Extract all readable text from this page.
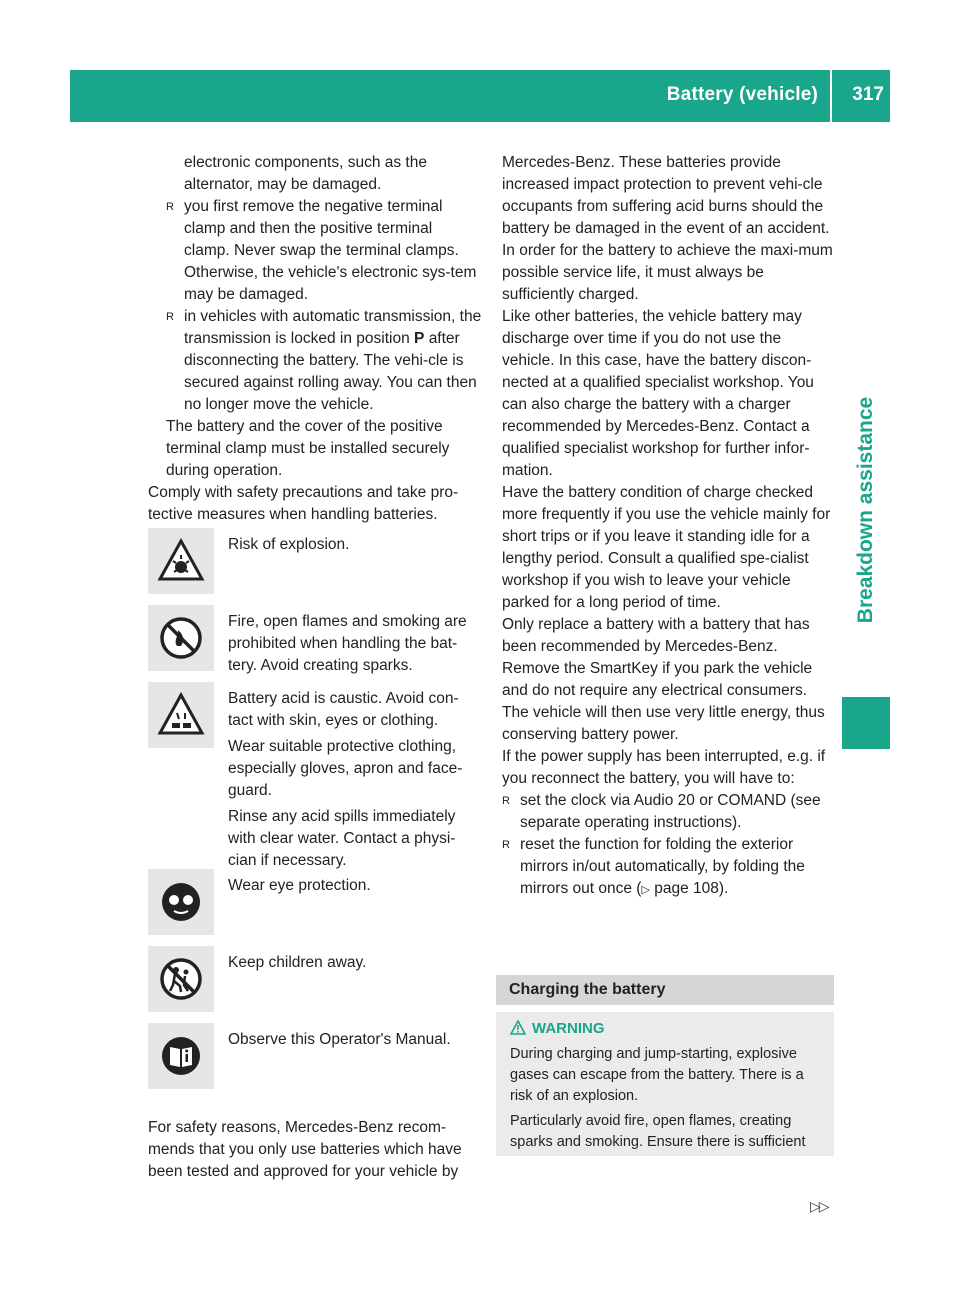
Battery (vehicle) 317
Breakdown assistance

electronic components, such as the alternator, may be damaged.

R you first remove the negative terminal clamp and then the positive terminal clamp. Never swap the terminal clamps. Otherwise, the vehicle's electronic sys-tem may be damaged.

R in vehicles with automatic transmission, the transmission is locked in position P after disconnecting the battery. The vehi-cle is secured against rolling away. You can then no longer move the vehicle.

The battery and the cover of the positive terminal clamp must be installed securely during operation.

Comply with safety precautions and take pro-tective measures when handling batteries.

Risk of explosion.

Fire, open flames and smoking are prohibited when handling the bat-tery. Avoid creating sparks.

Battery acid is caustic. Avoid con-tact with skin, eyes or clothing.

Wear suitable protective clothing, especially gloves, apron and face-guard.

Rinse any acid spills immediately with clear water. Contact a physi-cian if necessary.

Wear eye protection.

Keep children away.

Observe this Operator's Manual.

For safety reasons, Mercedes-Benz recom-mends that you only use batteries which have been tested and approved for your vehicle by

Mercedes-Benz. These batteries provide increased impact protection to prevent vehi-cle occupants from suffering acid burns should the battery be damaged in the event of an accident.

In order for the battery to achieve the maxi-mum possible service life, it must always be sufficiently charged.

Like other batteries, the vehicle battery may discharge over time if you do not use the vehicle. In this case, have the battery discon-nected at a qualified specialist workshop. You can also charge the battery with a charger recommended by Mercedes-Benz. Contact a qualified specialist workshop for further infor-mation.

Have the battery condition of charge checked more frequently if you use the vehicle mainly for short trips or if you leave it standing idle for a lengthy period. Consult a qualified spe-cialist workshop if you wish to leave your vehicle parked for a long period of time.

Only replace a battery with a battery that has been recommended by Mercedes-Benz.

Remove the SmartKey if you park the vehicle and do not require any electrical consumers. The vehicle will then use very little energy, thus conserving battery power.

If the power supply has been interrupted, e.g. if you reconnect the battery, you will have to:

R set the clock via Audio 20 or COMAND (see separate operating instructions).

R reset the function for folding the exterior mirrors in/out automatically, by folding the mirrors out once (▷ page 108).

Charging the battery
WARNING

During charging and jump-starting, explosive gases can escape from the battery. There is a risk of an explosion.

Particularly avoid fire, open flames, creating sparks and smoking. Ensure there is sufficient

▷▷
